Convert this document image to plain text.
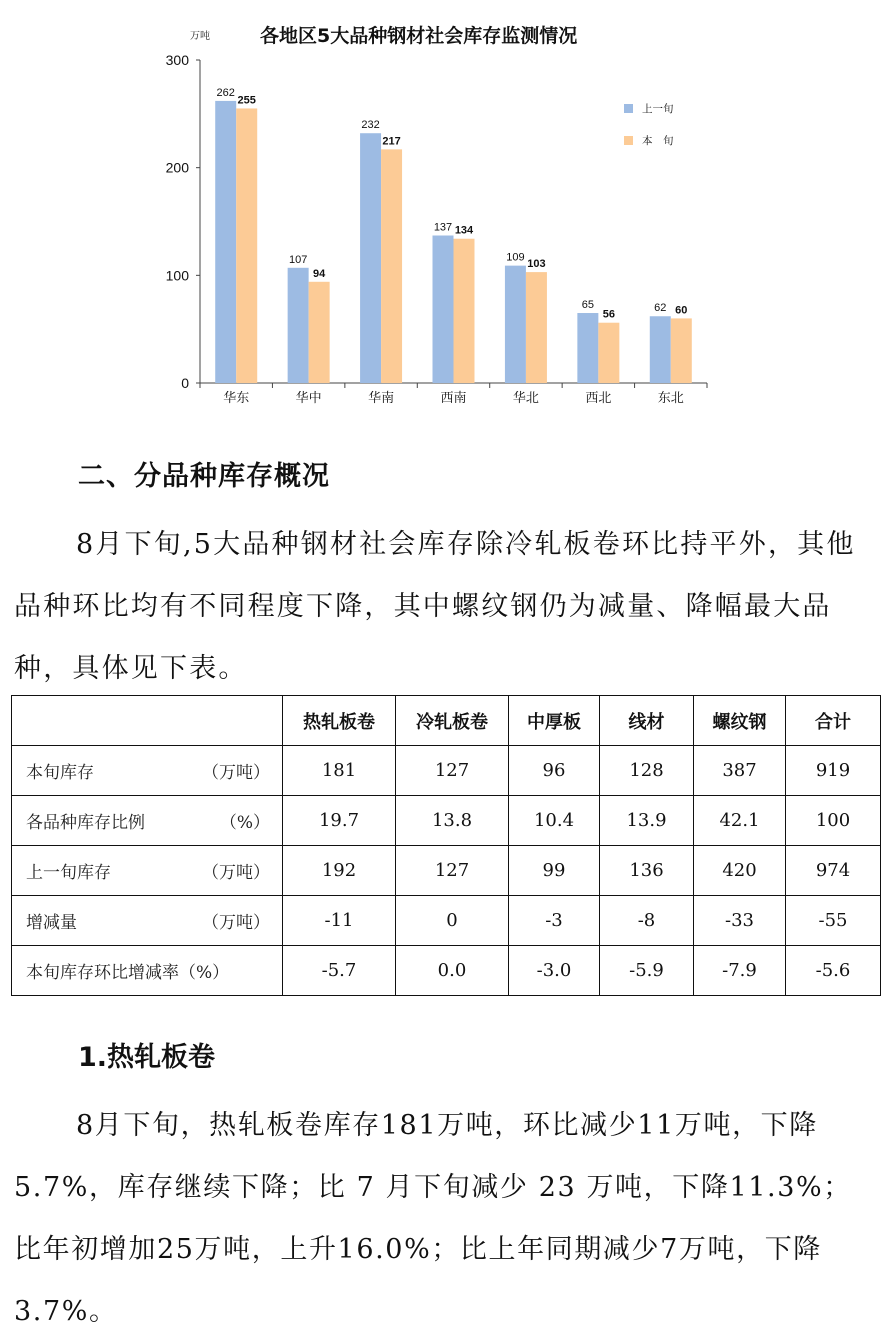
万吨	各地区5大品种钢材社会库存监测情况
0
100
200
300
华东	华中	华南	西南	华北	西北	东北
262
255
107
94
232
217
137 134
109
103
65
56
62 60
上一旬
本　旬
二、分品种库存概况

8月下旬,5大品种钢材社会库存除冷轧板卷环比持平外，其他品种环比均有不同程度下降，其中螺纹钢仍为减量、降幅最大品种，具体见下表。

	热轧板卷	冷轧板卷	中厚板	线材	螺纹钢	合计

本旬库存 （万吨）	181	127	96	128	387	919

各品种库存比例 （%）	19.7	13.8	10.4	13.9	42.1	100

上一旬库存 （万吨）	192	127	99	136	420	974

增减量 （万吨）	-11	0	-3	-8	-33	-55

本旬库存环比增减率（%）	-5.7	0.0	-3.0	-5.9	-7.9	-5.6
1.热轧板卷

8月下旬，热轧板卷库存181万吨，环比减少11万吨，下降 5.7%，库存继续下降；比 7 月下旬减少 23 万吨，下降11.3%；比年初增加25万吨，上升16.0%；比上年同期减少7万吨，下降3.7%。
